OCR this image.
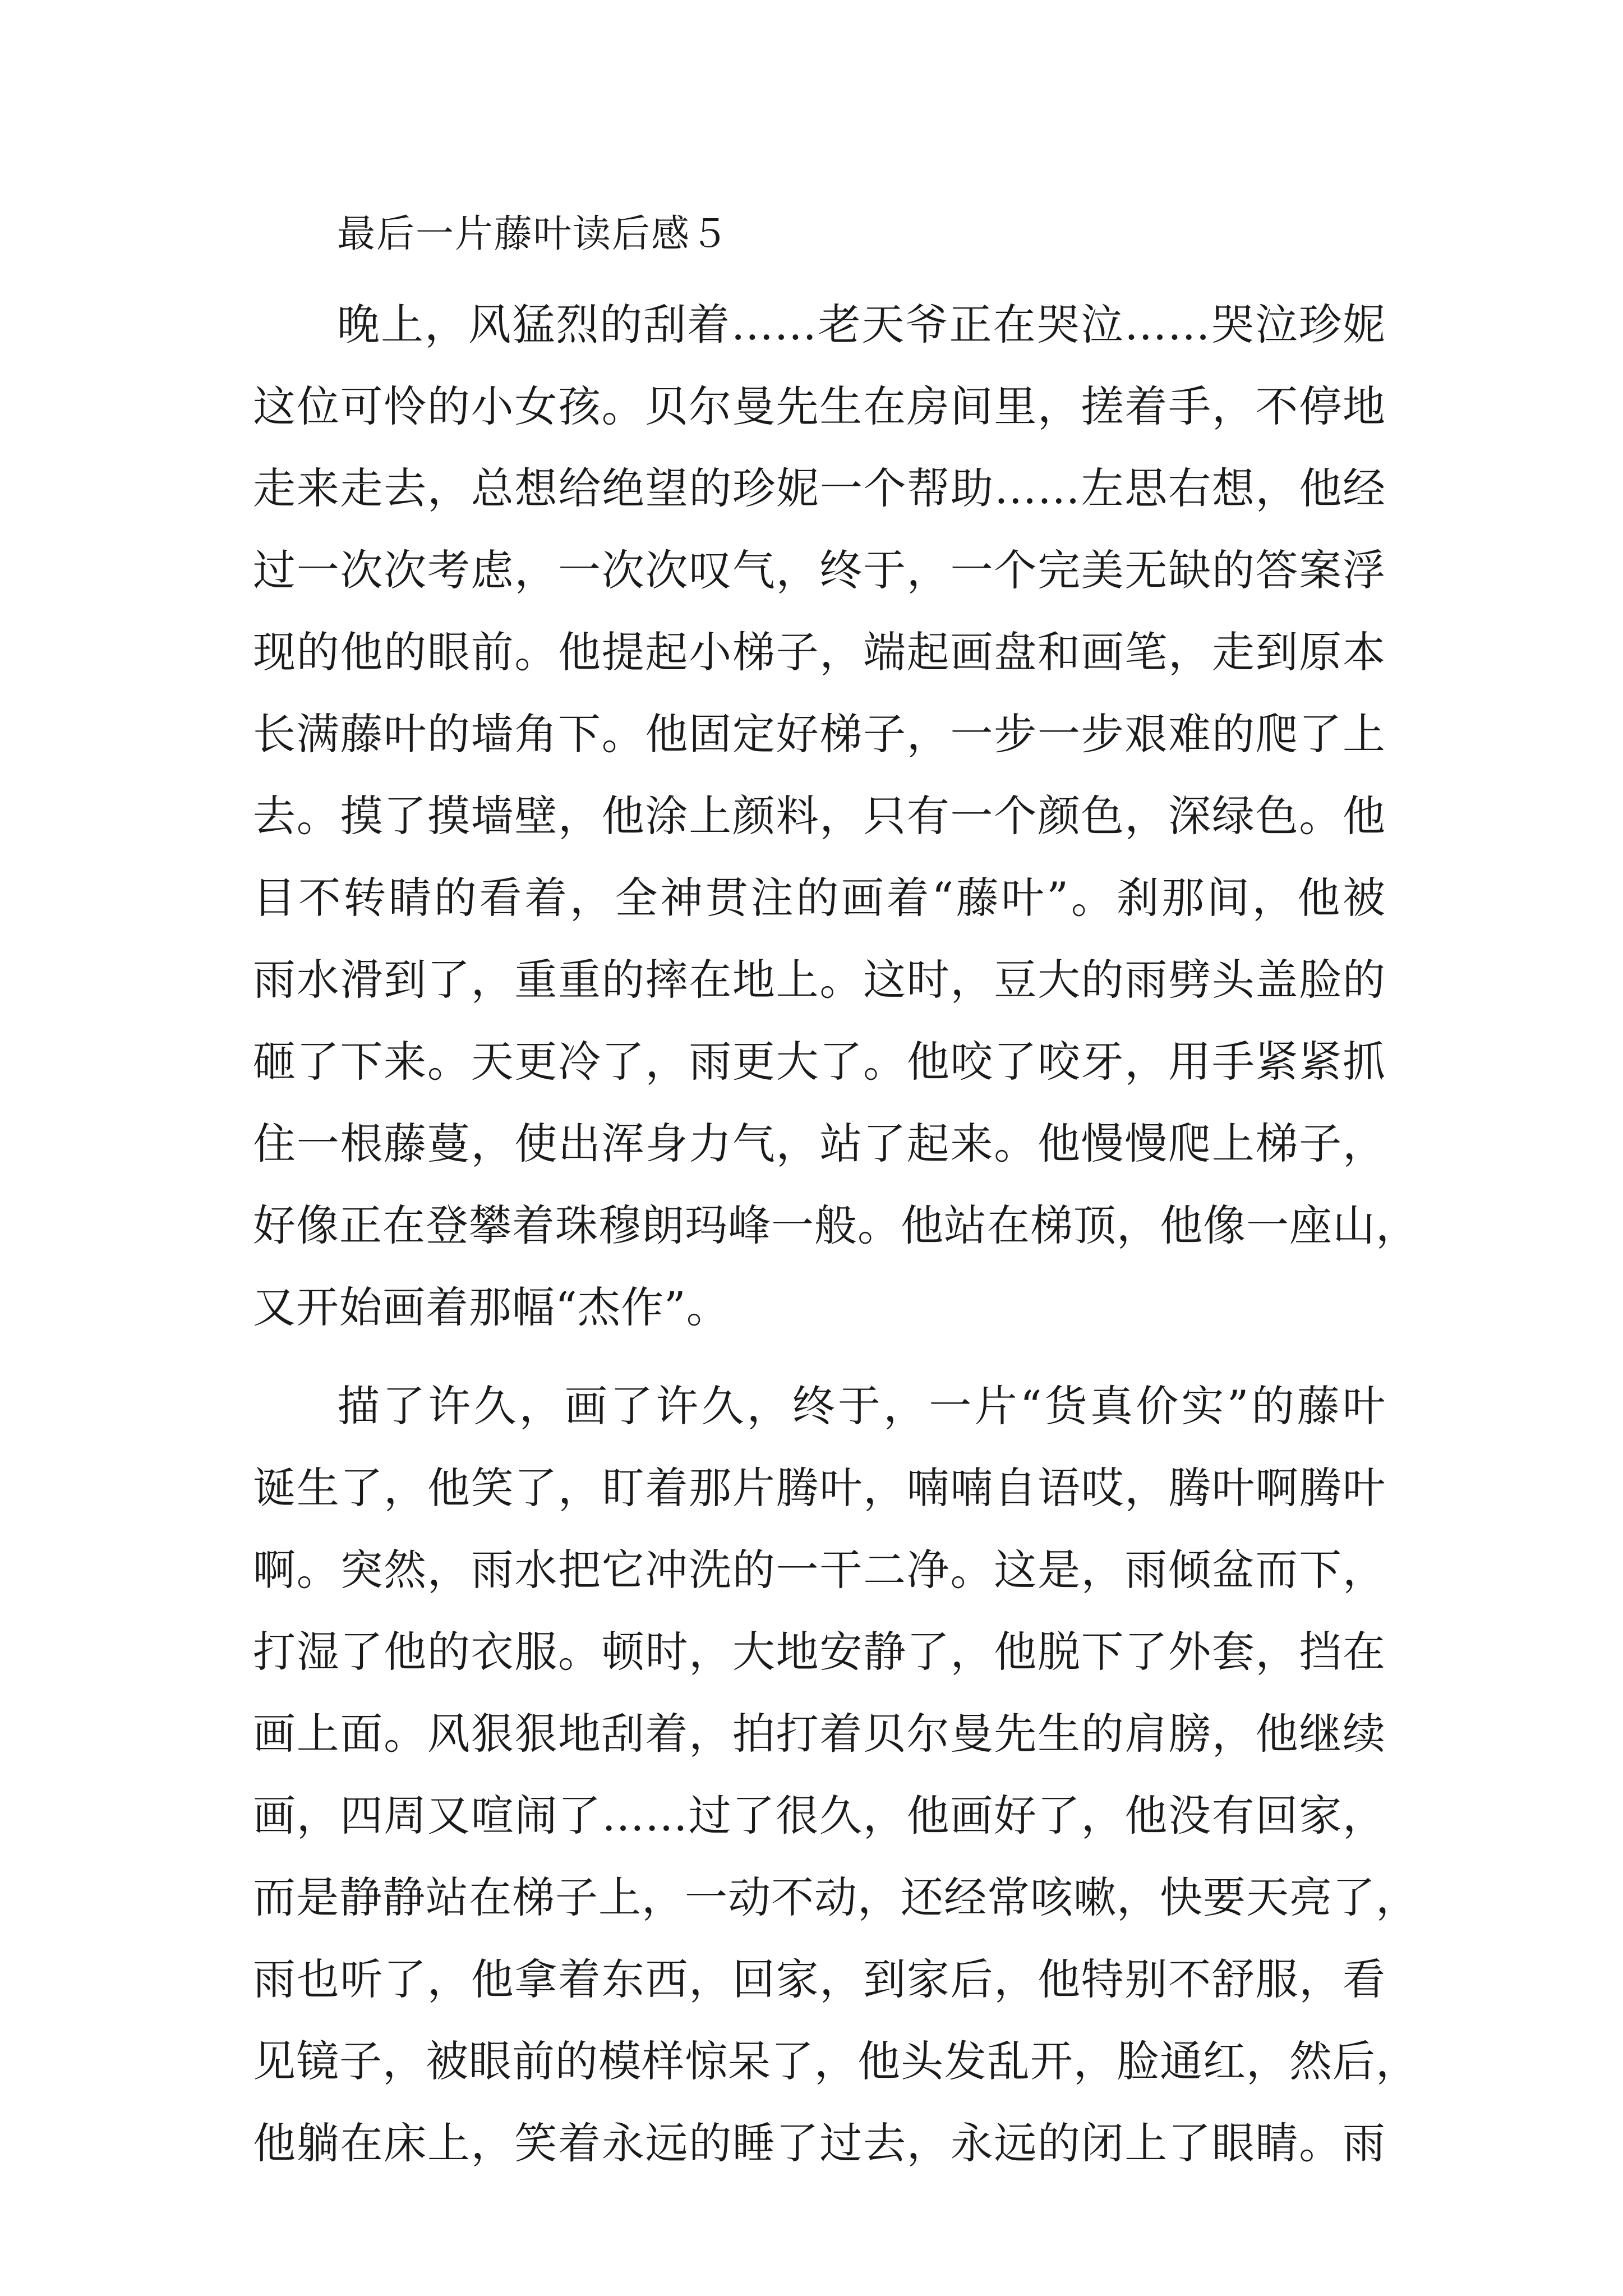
最后一片藤叶读后感５
晚上，风猛烈的刮着……老天爷正在哭泣……哭泣珍妮
这位可怜的小女孩。贝尔曼先生在房间里，搓着手，不停地
走来走去，总想给绝望的珍妮一个帮助……左思右想，他经
过一次次考虑，一次次叹气，终于，一个完美无缺的答案浮
现的他的眼前。他提起小梯子，端起画盘和画笔，走到原本
长满藤叶的墙角下。他固定好梯子，一步一步艰难的爬了上
去。摸了摸墙壁，他涂上颜料，只有一个颜色，深绿色。他
目不转睛的看着，全神贯注的画着“藤叶”。刹那间，他被
雨水滑到了，重重的摔在地上。这时，豆大的雨劈头盖脸的
砸了下来。天更冷了，雨更大了。他咬了咬牙，用手紧紧抓
住一根藤蔓，使出浑身力气，站了起来。他慢慢爬上梯子，
好像正在登攀着珠穆朗玛峰一般。他站在梯顶，他像一座山，
又开始画着那幅“杰作”。
描了许久，画了许久，终于，一片“货真价实”的藤叶
诞生了，他笑了，盯着那片腾叶，喃喃自语哎，腾叶啊腾叶
啊。突然，雨水把它冲洗的一干二净。这是，雨倾盆而下，
打湿了他的衣服。顿时，大地安静了，他脱下了外套，挡在
画上面。风狠狠地刮着，拍打着贝尔曼先生的肩膀，他继续
画，四周又喧闹了……过了很久，他画好了，他没有回家，
而是静静站在梯子上，一动不动，还经常咳嗽，快要天亮了，
雨也听了，他拿着东西，回家，到家后，他特别不舒服，看
见镜子，被眼前的模样惊呆了，他头发乱开，脸通红，然后，
他躺在床上，笑着永远的睡了过去，永远的闭上了眼睛。雨
